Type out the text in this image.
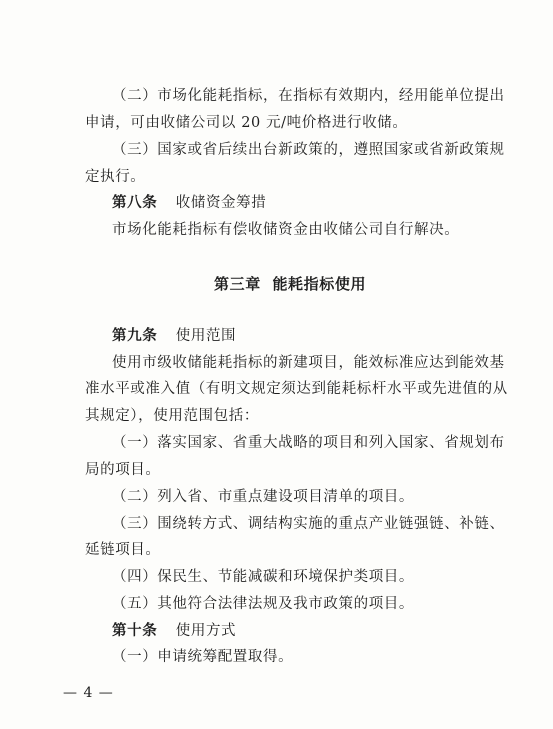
（二）市场化能耗指标，在指标有效期内，经用能单位提出
申请，可由收储公司以 20 元/吨价格进行收储。
（三）国家或省后续出台新政策的，遵照国家或省新政策规
定执行。
第八条 收储资金筹措
市场化能耗指标有偿收储资金由收储公司自行解决。
第三章  能耗指标使用
第九条 使用范围
使用市级收储能耗指标的新建项目，能效标准应达到能效基
准水平或准入值（有明文规定须达到能耗标杆水平或先进值的从
其规定），使用范围包括：
（一）落实国家、省重大战略的项目和列入国家、省规划布
局的项目。
（二）列入省、市重点建设项目清单的项目。
（三）围绕转方式、调结构实施的重点产业链强链、补链、
延链项目。
（四）保民生、节能减碳和环境保护类项目。
（五）其他符合法律法规及我市政策的项目。
第十条 使用方式
（一）申请统筹配置取得。
— 4 —
